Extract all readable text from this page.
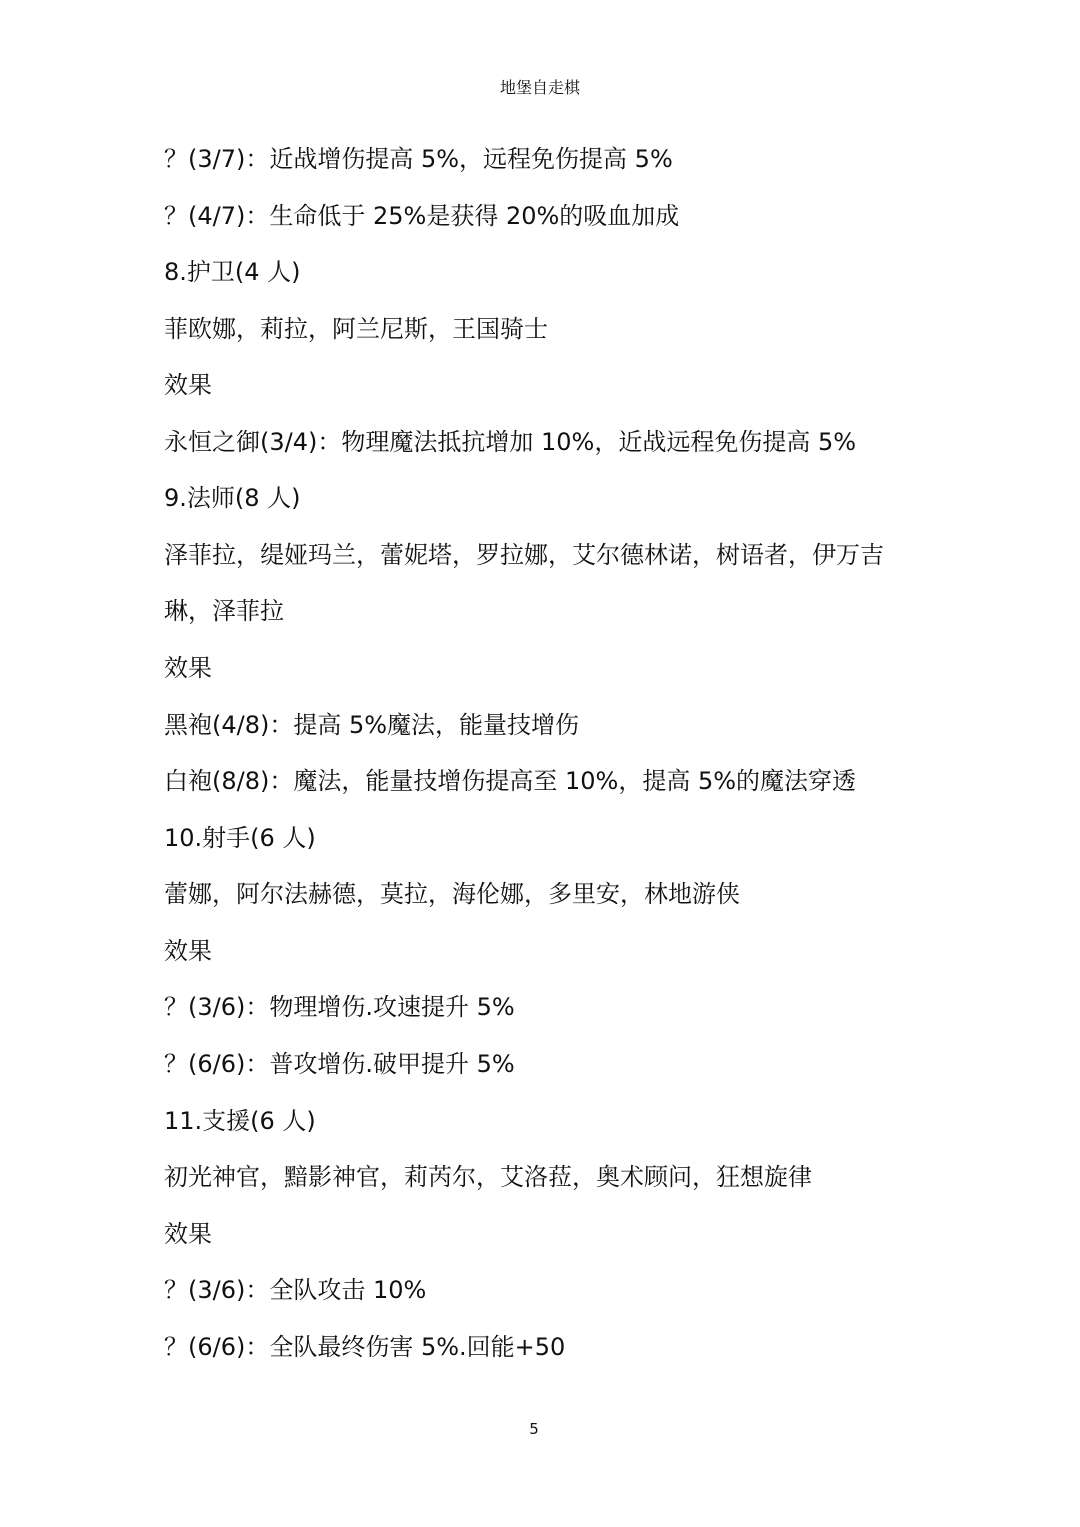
地堡自走棋
？(3/7)：近战增伤提高 5%，远程免伤提高 5%
？(4/7)：生命低于 25%是获得 20%的吸血加成
8.护卫(4 人)
菲欧娜，莉拉，阿兰尼斯，王国骑士
效果
永恒之御(3/4)：物理魔法抵抗增加 10%，近战远程免伤提高 5%
9.法师(8 人)
泽菲拉，缇娅玛兰，蕾妮塔，罗拉娜，艾尔德林诺，树语者，伊万吉
琳，泽菲拉
效果
黑袍(4/8)：提高 5%魔法，能量技增伤
白袍(8/8)：魔法，能量技增伤提高至 10%，提高 5%的魔法穿透
10.射手(6 人)
蕾娜，阿尔法赫德，莫拉，海伦娜，多里安，林地游侠
效果
？(3/6)：物理增伤.攻速提升 5%
？(6/6)：普攻增伤.破甲提升 5%
11.支援(6 人)
初光神官，黯影神官，莉芮尔，艾洛菈，奥术顾问，狂想旋律
效果
？(3/6)：全队攻击 10%
？(6/6)：全队最终伤害 5%.回能+50
5
